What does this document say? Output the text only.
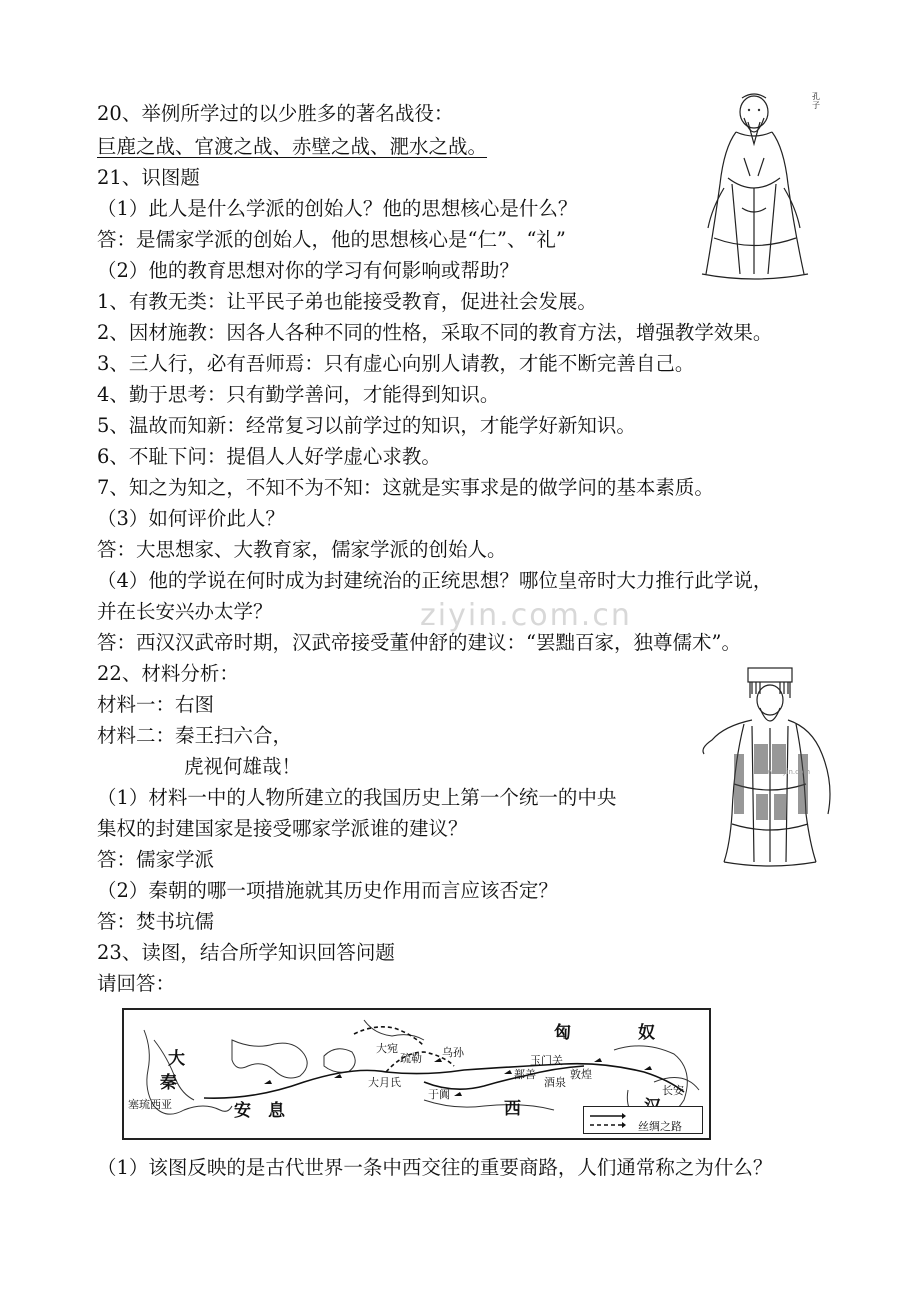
ziyin.com.cn
20、举例所学过的以少胜多的著名战役：
巨鹿之战、官渡之战、赤壁之战、淝水之战。
21、识图题
（1）此人是什么学派的创始人？他的思想核心是什么？
答：是儒家学派的创始人，他的思想核心是“仁”、“礼”
（2）他的教育思想对你的学习有何影响或帮助？
1、有教无类：让平民子弟也能接受教育，促进社会发展。
2、因材施教：因各人各种不同的性格，采取不同的教育方法，增强教学效果。
3、三人行，必有吾师焉：只有虚心向别人请教，才能不断完善自己。
4、勤于思考：只有勤学善问，才能得到知识。
5、温故而知新：经常复习以前学过的知识，才能学好新知识。
6、不耻下问：提倡人人好学虚心求教。
7、知之为知之，不知不为不知：这就是实事求是的做学问的基本素质。
（3）如何评价此人？
答：大思想家、大教育家，儒家学派的创始人。
（4）他的学说在何时成为封建统治的正统思想？哪位皇帝时大力推行此学说，
并在长安兴办太学？
答：西汉汉武帝时期，汉武帝接受董仲舒的建议：“罢黜百家，独尊儒术”。
22、材料分析：
材料一：右图
材料二：秦王扫六合，
虎视何雄哉！
（1）材料一中的人物所建立的我国历史上第一个统一的中央
集权的封建国家是接受哪家学派谁的建议？
答：儒家学派
（2）秦朝的哪一项措施就其历史作用而言应该否定？
答：焚书坑儒
23、读图，结合所学知识回答问题
请回答：
（1）该图反映的是古代世界一条中西交往的重要商路，人们通常称之为什么？
孔子
www.ziyin.com
匈	奴
长安
西
安　息
大
秦
玉门关
敦煌
大月氏
疏勒
于阗
乌孙
大宛
酒泉
鄯善
塞琉西亚
丝绸之路
